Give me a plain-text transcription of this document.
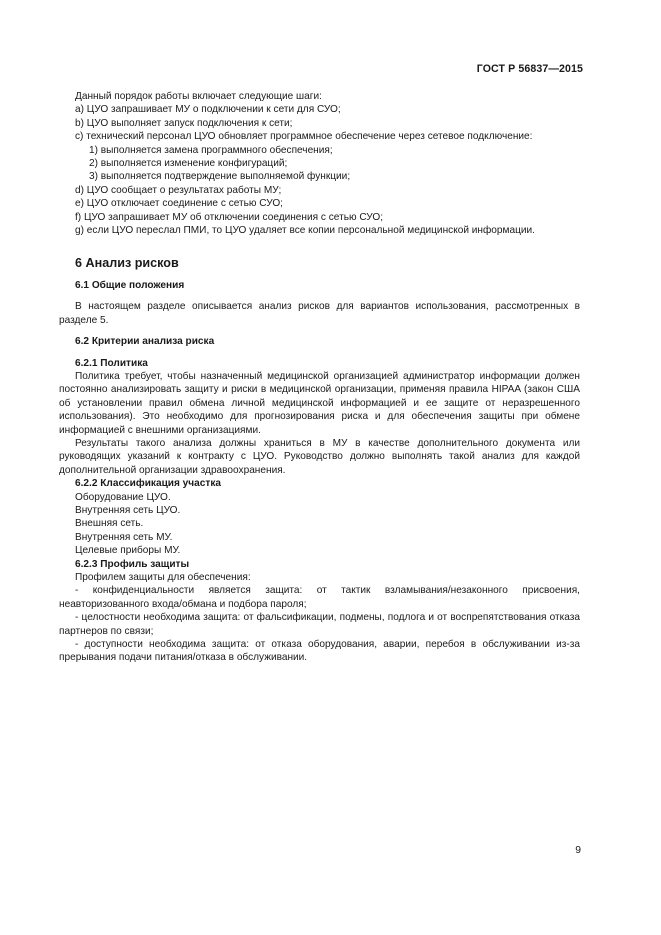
ГОСТ Р 56837—2015

Данный порядок работы включает следующие шаги:

a) ЦУО запрашивает МУ о подключении к сети для СУО;

b) ЦУО выполняет запуск подключения к сети;

c) технический персонал ЦУО обновляет программное обеспечение через сетевое подключение:

1) выполняется замена программного обеспечения;

2) выполняется изменение конфигураций;

3) выполняется подтверждение выполняемой функции;

d) ЦУО сообщает о результатах работы МУ;

e) ЦУО отключает соединение с сетью СУО;

f) ЦУО запрашивает МУ об отключении соединения с сетью СУО;

g) если ЦУО переслал ПМИ, то ЦУО удаляет все копии персональной медицинской информации.

6 Анализ рисков

6.1 Общие положения

В настоящем разделе описывается анализ рисков для вариантов использования, рассмотренных в разделе 5.

6.2 Критерии анализа риска

6.2.1 Политика

Политика требует, чтобы назначенный медицинской организацией администратор информации должен постоянно анализировать защиту и риски в медицинской организации, применяя правила HIPAA (закон США об установлении правил обмена личной медицинской информацией и ее защите от неразрешенного использования). Это необходимо для прогнозирования риска и для обеспечения защиты при обмене информацией с внешними организациями.

Результаты такого анализа должны храниться в МУ в качестве дополнительного документа или руководящих указаний к контракту с ЦУО. Руководство должно выполнять такой анализ для каждой дополнительной организации здравоохранения.

6.2.2 Классификация участка

Оборудование ЦУО.

Внутренняя сеть ЦУО.

Внешняя сеть.

Внутренняя сеть МУ.

Целевые приборы МУ.

6.2.3 Профиль защиты

Профилем защиты для обеспечения:

- конфиденциальности является защита: от тактик взламывания/незаконного присвоения, неавторизованного входа/обмана и подбора пароля;

- целостности необходима защита: от фальсификации, подмены, подлога и от воспрепятствования отказа партнеров по связи;

- доступности необходима защита: от отказа оборудования, аварии, перебоя в обслуживании из-за прерывания подачи питания/отказа в обслуживании.

9
